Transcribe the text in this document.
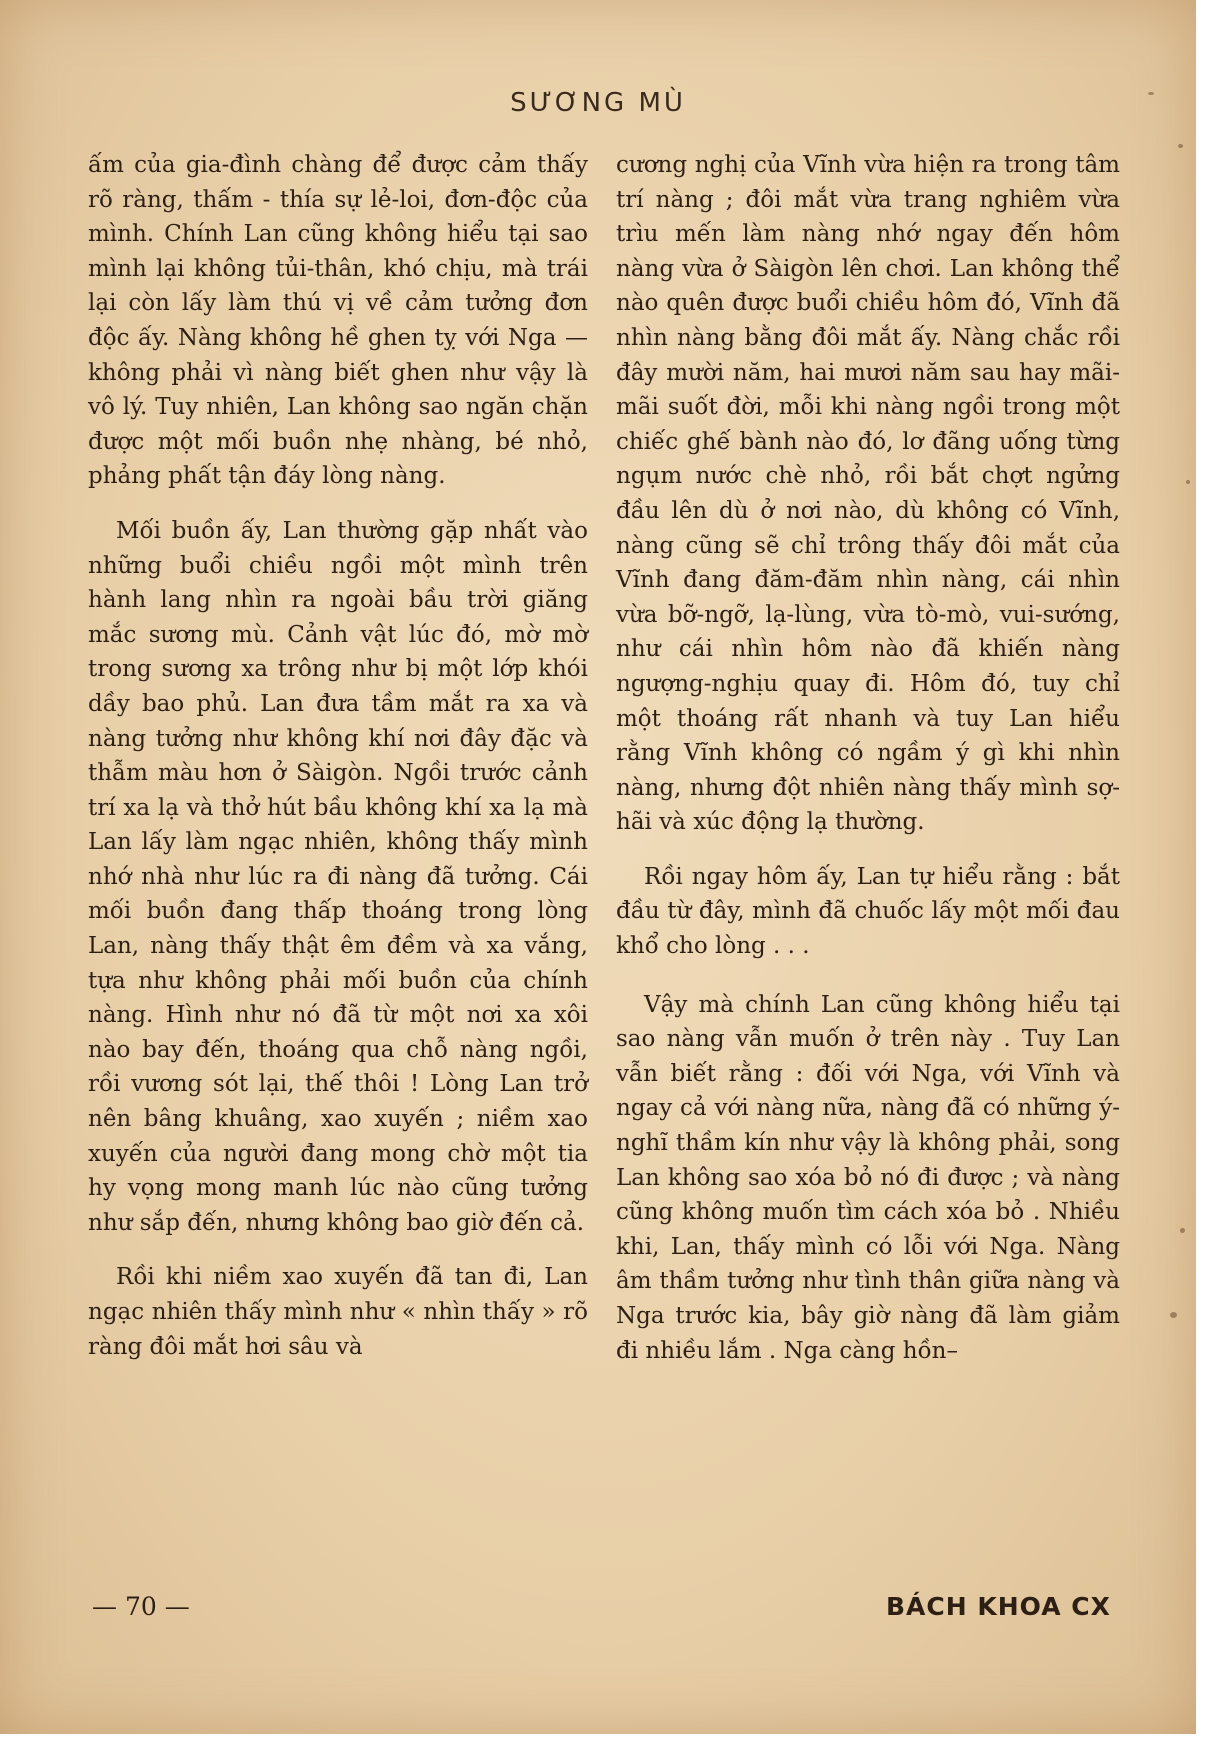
SƯƠNG MÙ

ấm của gia-đình chàng để được cảm thấy rõ ràng, thấm - thía sự lẻ-loi, đơn-độc của mình. Chính Lan cũng không hiểu tại sao mình lại không tủi-thân, khó chịu, mà trái lại còn lấy làm thú vị về cảm tưởng đơn độc ấy. Nàng không hề ghen tỵ với Nga — không phải vì nàng biết ghen như vậy là vô lý. Tuy nhiên, Lan không sao ngăn chặn được một mối buồn nhẹ nhàng, bé nhỏ, phảng phất tận đáy lòng nàng.

Mối buồn ấy, Lan thường gặp nhất vào những buổi chiều ngồi một mình trên hành lang nhìn ra ngoài bầu trời giăng mắc sương mù. Cảnh vật lúc đó, mờ mờ trong sương xa trông như bị một lớp khói dầy bao phủ. Lan đưa tầm mắt ra xa và nàng tưởng như không khí nơi đây đặc và thẫm màu hơn ở Sàigòn. Ngồi trước cảnh trí xa lạ và thở hút bầu không khí xa lạ mà Lan lấy làm ngạc nhiên, không thấy mình nhớ nhà như lúc ra đi nàng đã tưởng. Cái mối buồn đang thấp thoáng trong lòng Lan, nàng thấy thật êm đềm và xa vắng, tựa như không phải mối buồn của chính nàng. Hình như nó đã từ một nơi xa xôi nào bay đến, thoáng qua chỗ nàng ngồi, rồi vương sót lại, thế thôi ! Lòng Lan trở nên bâng khuâng, xao xuyến ; niềm xao xuyến của người đang mong chờ một tia hy vọng mong manh lúc nào cũng tưởng như sắp đến, nhưng không bao giờ đến cả.

Rồi khi niềm xao xuyến đã tan đi, Lan ngạc nhiên thấy mình như « nhìn thấy » rõ ràng đôi mắt hơi sâu và

cương nghị của Vĩnh vừa hiện ra trong tâm trí nàng ; đôi mắt vừa trang nghiêm vừa trìu mến làm nàng nhớ ngay đến hôm nàng vừa ở Sàigòn lên chơi. Lan không thể nào quên được buổi chiều hôm đó, Vĩnh đã nhìn nàng bằng đôi mắt ấy. Nàng chắc rồi đây mười năm, hai mươi năm sau hay mãi-mãi suốt đời, mỗi khi nàng ngồi trong một chiếc ghế bành nào đó, lơ đãng uống từng ngụm nước chè nhỏ, rồi bắt chợt ngửng đầu lên dù ở nơi nào, dù không có Vĩnh, nàng cũng sẽ chỉ trông thấy đôi mắt của Vĩnh đang đăm-đăm nhìn nàng, cái nhìn vừa bỡ-ngỡ, lạ-lùng, vừa tò-mò, vui-sướng, như cái nhìn hôm nào đã khiến nàng ngượng-nghịu quay đi. Hôm đó, tuy chỉ một thoáng rất nhanh và tuy Lan hiểu rằng Vĩnh không có ngầm ý gì khi nhìn nàng, nhưng đột nhiên nàng thấy mình sợ-hãi và xúc động lạ thường.

Rồi ngay hôm ấy, Lan tự hiểu rằng : bắt đầu từ đây, mình đã chuốc lấy một mối đau khổ cho lòng . . .

Vậy mà chính Lan cũng không hiểu tại sao nàng vẫn muốn ở trên này . Tuy Lan vẫn biết rằng : đối với Nga, với Vĩnh và ngay cả với nàng nữa, nàng đã có những ý-nghĩ thầm kín như vậy là không phải, song Lan không sao xóa bỏ nó đi được ; và nàng cũng không muốn tìm cách xóa bỏ . Nhiều khi, Lan, thấy mình có lỗi với Nga. Nàng âm thầm tưởng như tình thân giữa nàng và Nga trước kia, bây giờ nàng đã làm giảm đi nhiều lắm . Nga càng hồn–

— 70 —	BÁCH KHOA CX
